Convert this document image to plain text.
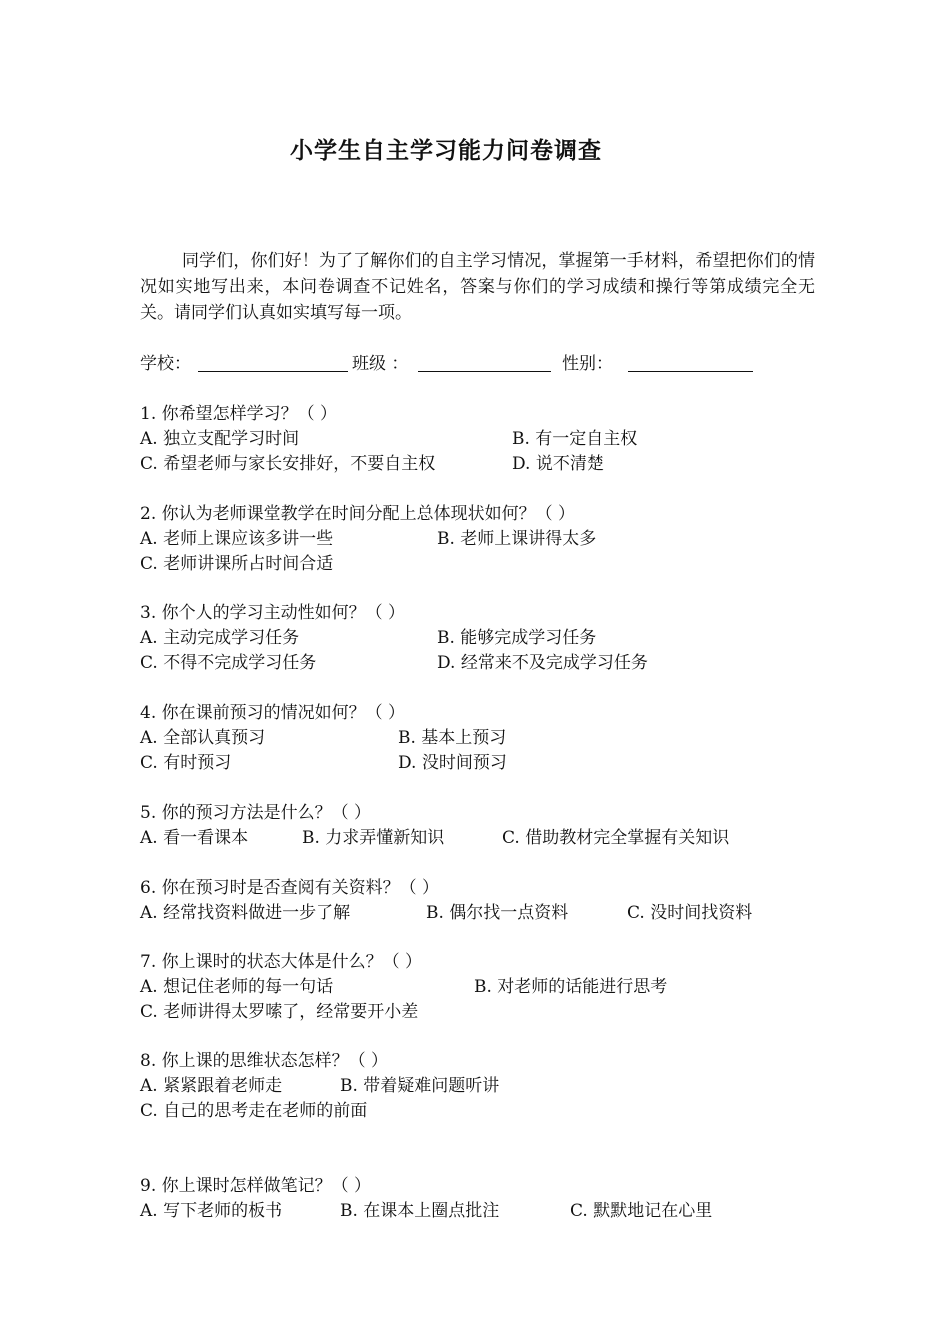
小学生自主学习能力问卷调查
同学们，你们好！为了了解你们的自主学习情况，掌握第一手材料，希望把你们的情况如实地写出来，本问卷调查不记姓名，答案与你们的学习成绩和操行等第成绩完全无关。请同学们认真如实填写每一项。
学校：	班级 ：	性别：
1. 你希望怎样学习？（ ）
A. 独立支配学习时间	B. 有一定自主权
C. 希望老师与家长安排好，不要自主权	D. 说不清楚
2. 你认为老师课堂教学在时间分配上总体现状如何？（ ）
A. 老师上课应该多讲一些	B. 老师上课讲得太多
C. 老师讲课所占时间合适
3. 你个人的学习主动性如何？（ ）
A. 主动完成学习任务	B. 能够完成学习任务
C. 不得不完成学习任务	D. 经常来不及完成学习任务
4. 你在课前预习的情况如何？（ ）
A. 全部认真预习	B. 基本上预习
C. 有时预习	D. 没时间预习
5. 你的预习方法是什么？（ ）
A. 看一看课本	B. 力求弄懂新知识	C. 借助教材完全掌握有关知识
6. 你在预习时是否查阅有关资料？（ ）
A. 经常找资料做进一步了解	B. 偶尔找一点资料	C. 没时间找资料
7. 你上课时的状态大体是什么？（ ）
A. 想记住老师的每一句话	B. 对老师的话能进行思考
C. 老师讲得太罗嗦了，经常要开小差
8. 你上课的思维状态怎样？（ ）
A. 紧紧跟着老师走	B. 带着疑难问题听讲
C. 自己的思考走在老师的前面
9. 你上课时怎样做笔记？（ ）
A. 写下老师的板书	B. 在课本上圈点批注	C. 默默地记在心里
